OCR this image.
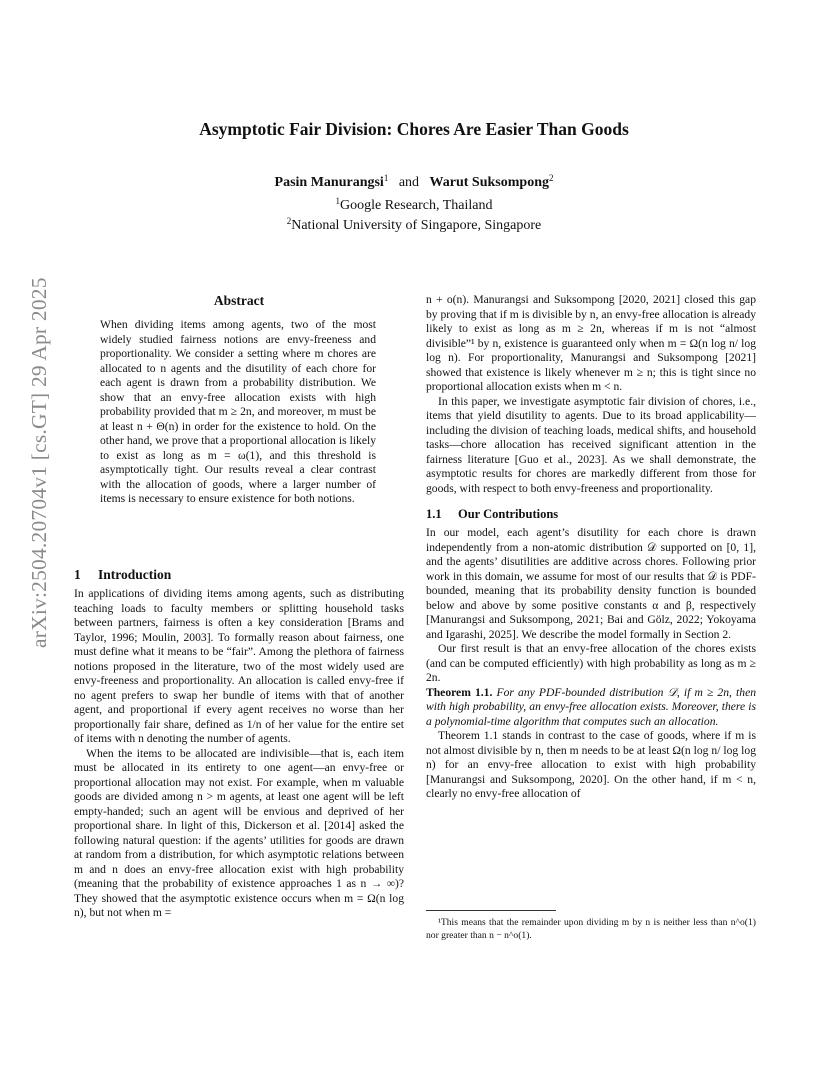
arXiv:2504.20704v1 [cs.GT] 29 Apr 2025
Asymptotic Fair Division: Chores Are Easier Than Goods
Pasin Manurangsi$^1$ and Warut Suksompong$^2$
$^1$Google Research, Thailand
$^2$National University of Singapore, Singapore
Abstract

When dividing items among agents, two of the most widely studied fairness notions are envy-freeness and proportionality. We consider a setting where m chores are allocated to n agents and the disutility of each chore for each agent is drawn from a probability distribution. We show that an envy-free allocation exists with high probability provided that m ≥ 2n, and moreover, m must be at least n + Θ(n) in order for the existence to hold. On the other hand, we prove that a proportional allocation is likely to exist as long as m = ω(1), and this threshold is asymptotically tight. Our results reveal a clear contrast with the allocation of goods, where a larger number of items is necessary to ensure existence for both notions.

1 Introduction

In applications of dividing items among agents, such as distributing teaching loads to faculty members or splitting household tasks between partners, fairness is often a key consideration [Brams and Taylor, 1996; Moulin, 2003]. To formally reason about fairness, one must define what it means to be “fair”. Among the plethora of fairness notions proposed in the literature, two of the most widely used are envy-freeness and proportionality. An allocation is called envy-free if no agent prefers to swap her bundle of items with that of another agent, and proportional if every agent receives no worse than her proportionally fair share, defined as 1/n of her value for the entire set of items with n denoting the number of agents.

When the items to be allocated are indivisible—that is, each item must be allocated in its entirety to one agent—an envy-free or proportional allocation may not exist. For example, when m valuable goods are divided among n > m agents, at least one agent will be left empty-handed; such an agent will be envious and deprived of her proportional share. In light of this, Dickerson et al. [2014] asked the following natural question: if the agents’ utilities for goods are drawn at random from a distribution, for which asymptotic relations between m and n does an envy-free allocation exist with high probability (meaning that the probability of existence approaches 1 as n → ∞)? They showed that the asymptotic existence occurs when m = Ω(n log n), but not when m =

n + o(n). Manurangsi and Suksompong [2020, 2021] closed this gap by proving that if m is divisible by n, an envy-free allocation is already likely to exist as long as m ≥ 2n, whereas if m is not “almost divisible”¹ by n, existence is guaranteed only when m = Ω(n log n/ log log n). For proportionality, Manurangsi and Suksompong [2021] showed that existence is likely whenever m ≥ n; this is tight since no proportional allocation exists when m < n.

In this paper, we investigate asymptotic fair division of chores, i.e., items that yield disutility to agents. Due to its broad applicability—including the division of teaching loads, medical shifts, and household tasks—chore allocation has received significant attention in the fairness literature [Guo et al., 2023]. As we shall demonstrate, the asymptotic results for chores are markedly different from those for goods, with respect to both envy-freeness and proportionality.

1.1 Our Contributions

In our model, each agent’s disutility for each chore is drawn independently from a non-atomic distribution 𝒟 supported on [0, 1], and the agents’ disutilities are additive across chores. Following prior work in this domain, we assume for most of our results that 𝒟 is PDF-bounded, meaning that its probability density function is bounded below and above by some positive constants α and β, respectively [Manurangsi and Suksompong, 2021; Bai and Gölz, 2022; Yokoyama and Igarashi, 2025]. We describe the model formally in Section 2.

Our first result is that an envy-free allocation of the chores exists (and can be computed efficiently) with high probability as long as m ≥ 2n.

Theorem 1.1. For any PDF-bounded distribution 𝒟, if m ≥ 2n, then with high probability, an envy-free allocation exists. Moreover, there is a polynomial-time algorithm that computes such an allocation.

Theorem 1.1 stands in contrast to the case of goods, where if m is not almost divisible by n, then m needs to be at least Ω(n log n/ log log n) for an envy-free allocation to exist with high probability [Manurangsi and Suksompong, 2020]. On the other hand, if m < n, clearly no envy-free allocation of

¹This means that the remainder upon dividing m by n is neither less than n^o(1) nor greater than n − n^o(1).
